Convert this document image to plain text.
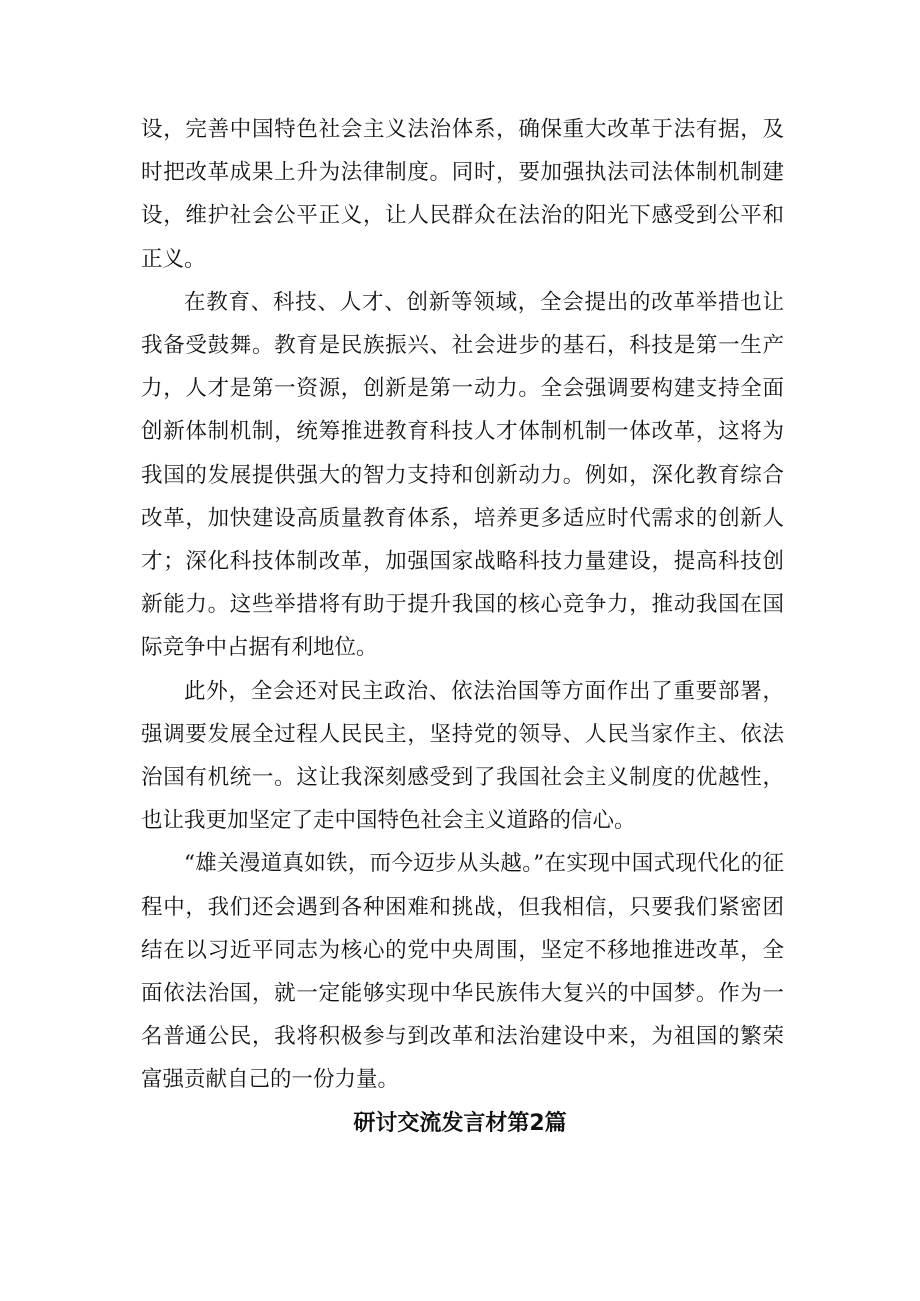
设，完善中国特色社会主义法治体系，确保重大改革于法有据，及时把改革成果上升为法律制度。同时，要加强执法司法体制机制建设，维护社会公平正义，让人民群众在法治的阳光下感受到公平和正义。

在教育、科技、人才、创新等领域，全会提出的改革举措也让我备受鼓舞。教育是民族振兴、社会进步的基石，科技是第一生产力，人才是第一资源，创新是第一动力。全会强调要构建支持全面创新体制机制，统筹推进教育科技人才体制机制一体改革，这将为我国的发展提供强大的智力支持和创新动力。例如，深化教育综合改革，加快建设高质量教育体系，培养更多适应时代需求的创新人才；深化科技体制改革，加强国家战略科技力量建设，提高科技创新能力。这些举措将有助于提升我国的核心竞争力，推动我国在国际竞争中占据有利地位。

此外，全会还对民主政治、依法治国等方面作出了重要部署，强调要发展全过程人民民主，坚持党的领导、人民当家作主、依法治国有机统一。这让我深刻感受到了我国社会主义制度的优越性，也让我更加坚定了走中国特色社会主义道路的信心。

“雄关漫道真如铁，而今迈步从头越。”在实现中国式现代化的征程中，我们还会遇到各种困难和挑战，但我相信，只要我们紧密团结在以习近平同志为核心的党中央周围，坚定不移地推进改革，全面依法治国，就一定能够实现中华民族伟大复兴的中国梦。作为一名普通公民，我将积极参与到改革和法治建设中来，为祖国的繁荣富强贡献自己的一份力量。

研讨交流发言材第2篇
